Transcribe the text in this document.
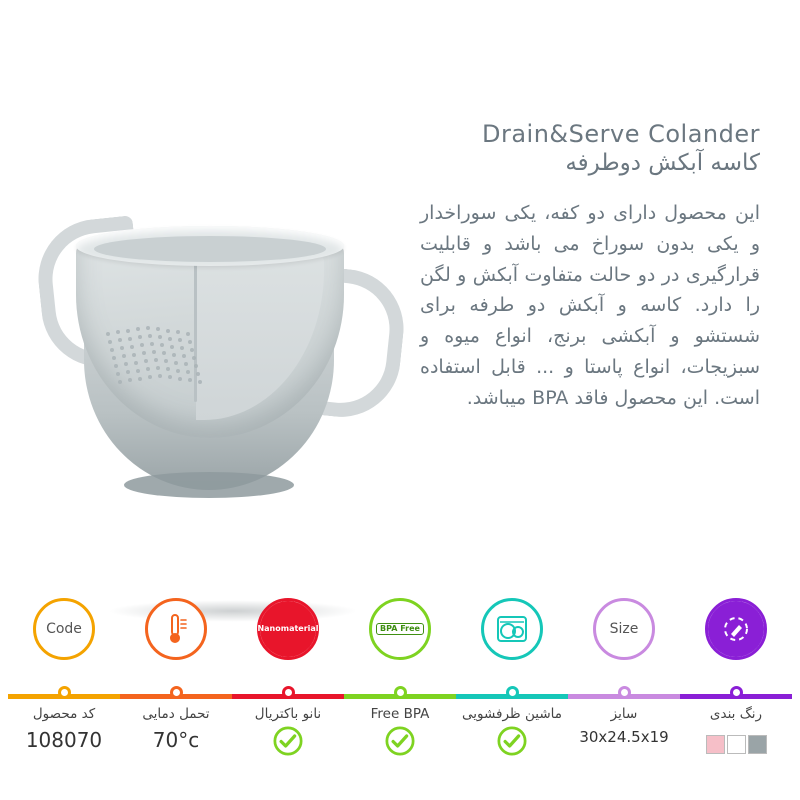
Drain&Serve Colander
کاسه آبکش دوطرفه
این محصول دارای دو کفه، یکی سوراخدار و یکی بدون سوراخ می باشد و قابلیت قرارگیری در دو حالت متفاوت آبکش و لگن را دارد. کاسه و آبکش دو طرفه برای شستشو و آبکشی برنج، انواع میوه و سبزیجات، انواع پاستا و ... قابل استفاده است. این محصول فاقد BPA میباشد.
Code
کد محصول
108070
تحمل دمایی
70°c
Nanomaterial
نانو باکتریال
BPA Free
Free BPA	ماشین ظرفشویی
Size
سایز
30x24.5x19
رنگ بندی
